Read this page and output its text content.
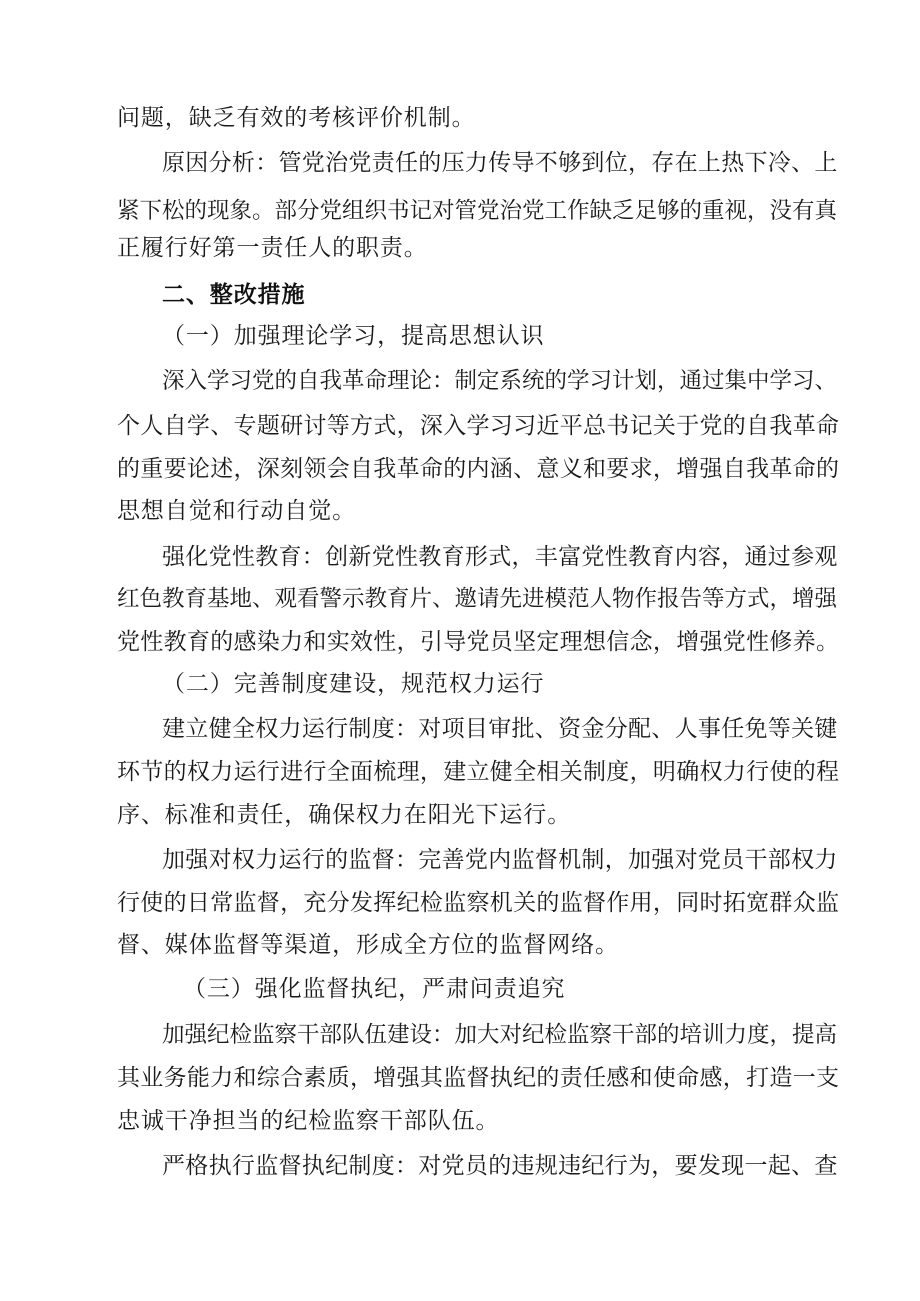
问题，缺乏有效的考核评价机制。
原因分析：管党治党责任的压力传导不够到位，存在上热下冷、上
紧下松的现象。部分党组织书记对管党治党工作缺乏足够的重视，没有真
正履行好第一责任人的职责。
二、整改措施
（一）加强理论学习，提高思想认识
深入学习党的自我革命理论：制定系统的学习计划，通过集中学习、
个人自学、专题研讨等方式，深入学习习近平总书记关于党的自我革命
的重要论述，深刻领会自我革命的内涵、意义和要求，增强自我革命的
思想自觉和行动自觉。
强化党性教育：创新党性教育形式，丰富党性教育内容，通过参观
红色教育基地、观看警示教育片、邀请先进模范人物作报告等方式，增强
党性教育的感染力和实效性，引导党员坚定理想信念，增强党性修养。
（二）完善制度建设，规范权力运行
建立健全权力运行制度：对项目审批、资金分配、人事任免等关键
环节的权力运行进行全面梳理，建立健全相关制度，明确权力行使的程
序、标准和责任，确保权力在阳光下运行。
加强对权力运行的监督：完善党内监督机制，加强对党员干部权力
行使的日常监督，充分发挥纪检监察机关的监督作用，同时拓宽群众监
督、媒体监督等渠道，形成全方位的监督网络。
（三）强化监督执纪，严肃问责追究
加强纪检监察干部队伍建设：加大对纪检监察干部的培训力度，提高
其业务能力和综合素质，增强其监督执纪的责任感和使命感，打造一支
忠诚干净担当的纪检监察干部队伍。
严格执行监督执纪制度：对党员的违规违纪行为，要发现一起、查
